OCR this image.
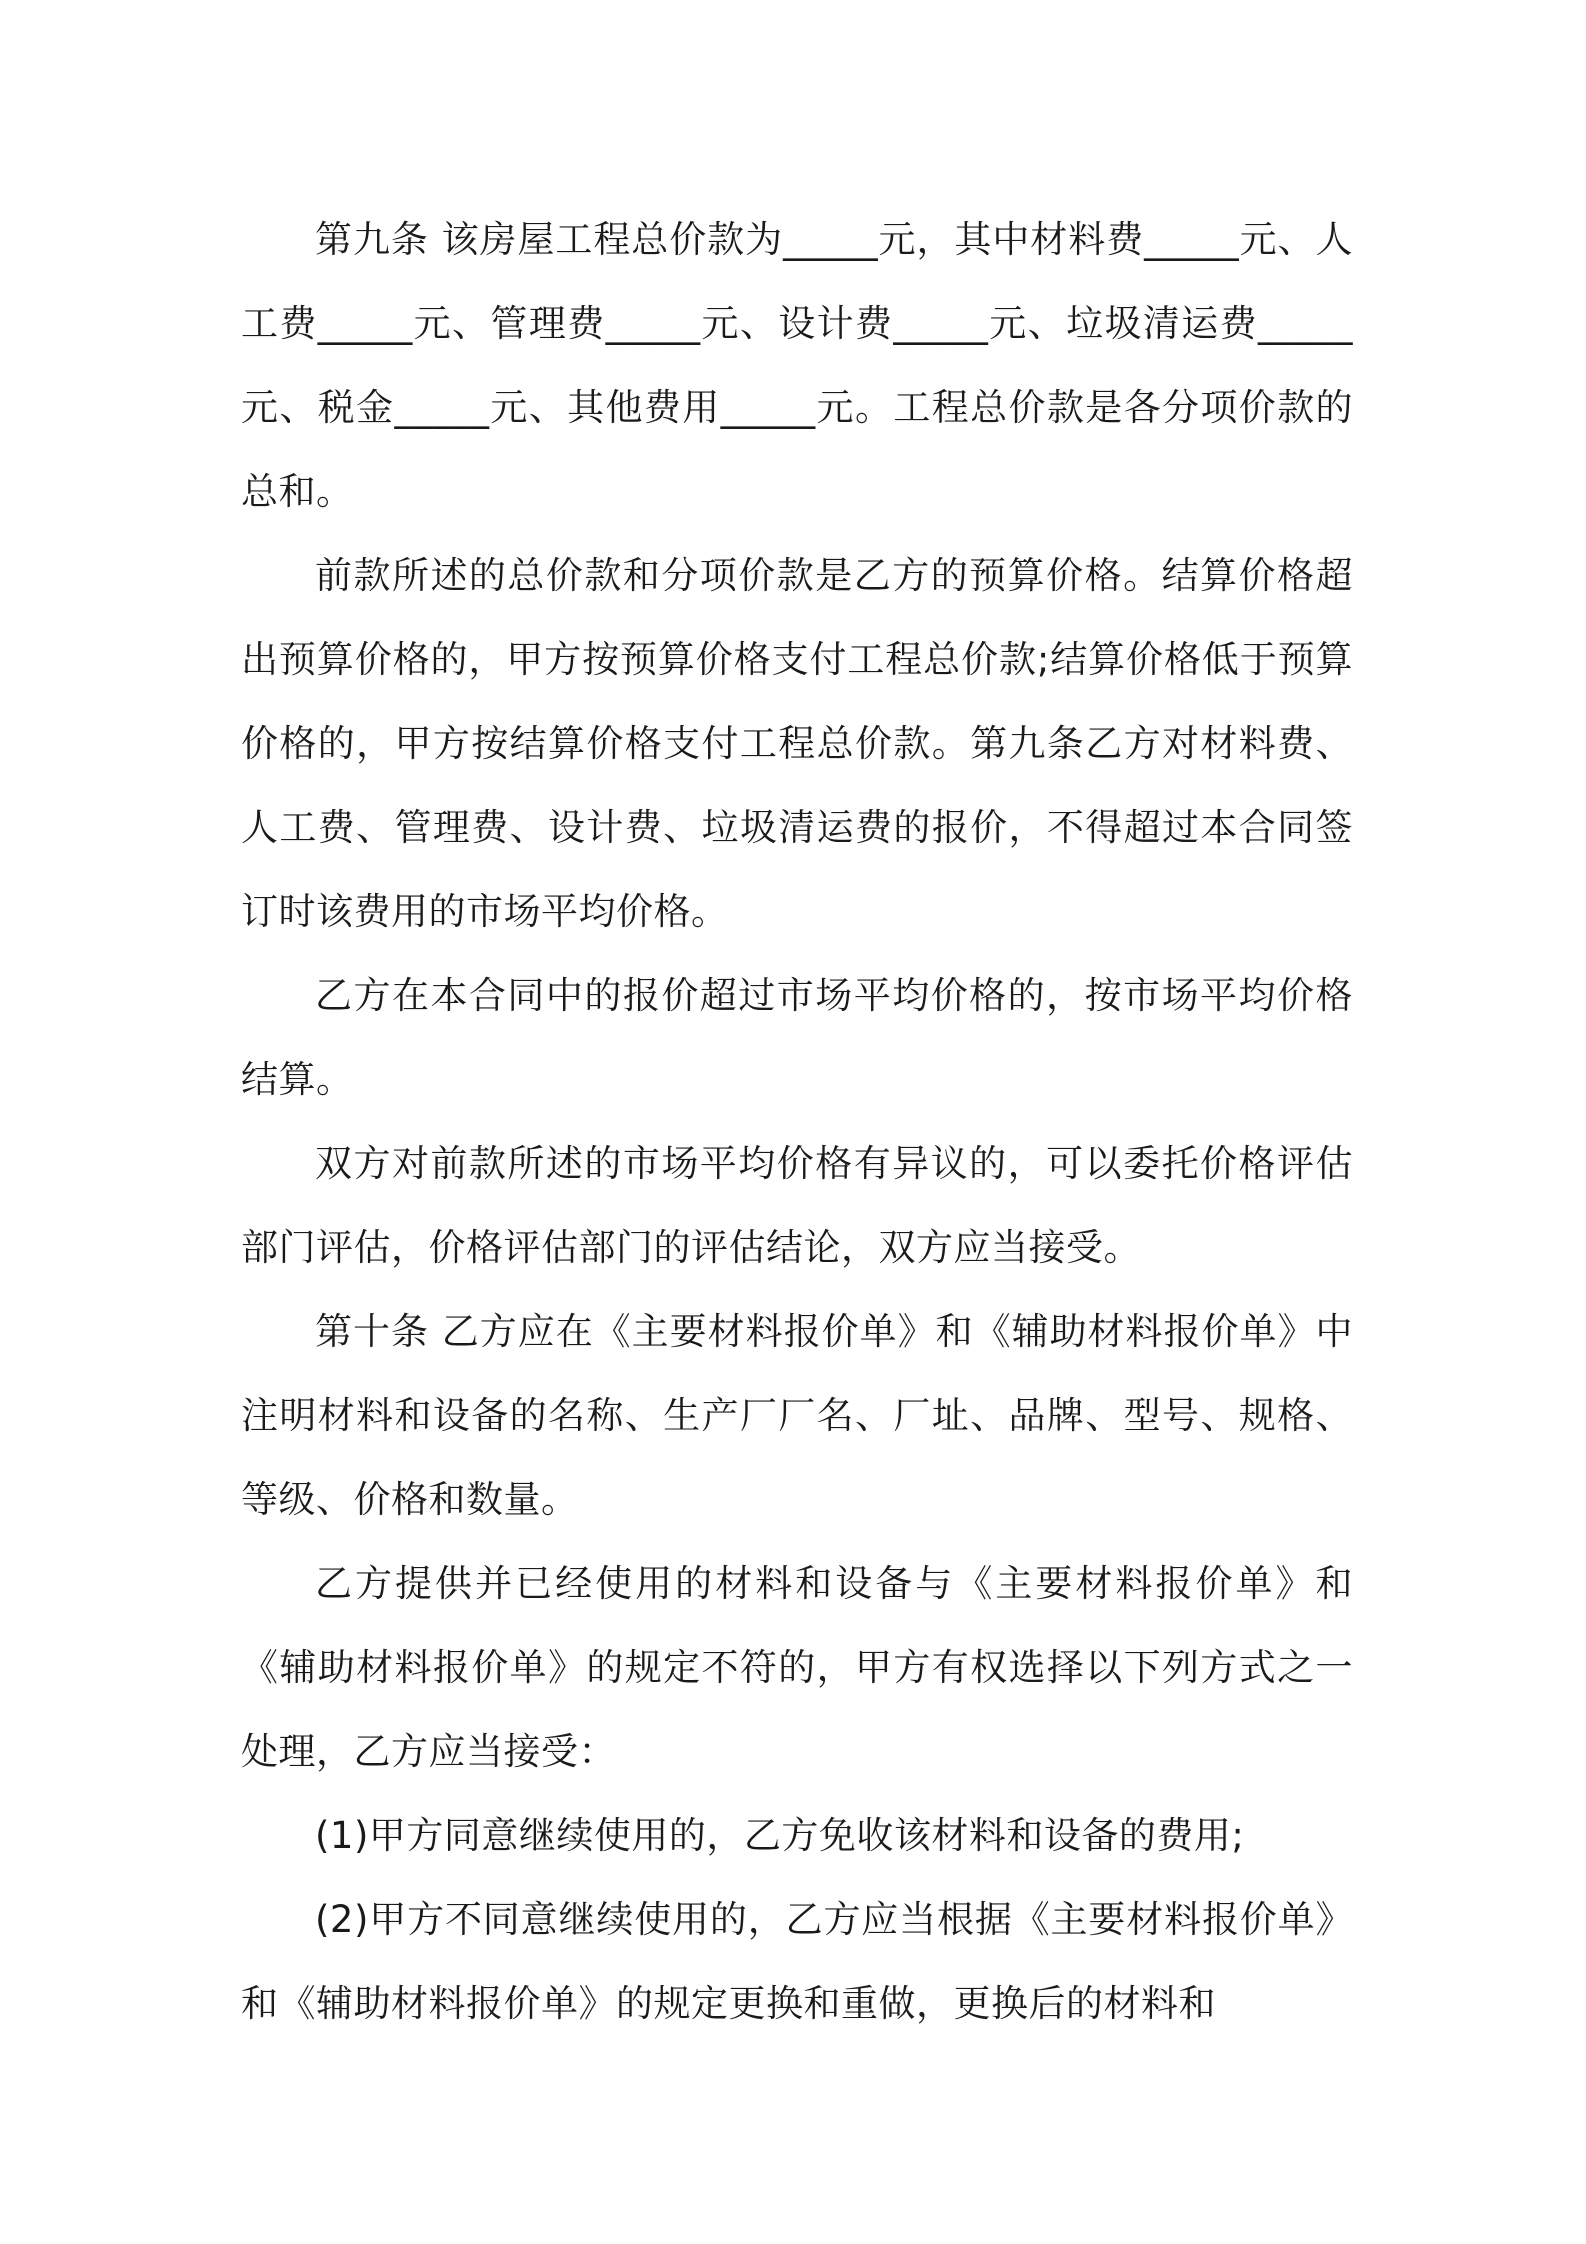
第九条 该房屋工程总价款为_____元，其中材料费_____元、人工费_____元、管理费_____元、设计费_____元、垃圾清运费_____元、税金_____元、其他费用_____元。工程总价款是各分项价款的总和。

前款所述的总价款和分项价款是乙方的预算价格。结算价格超出预算价格的，甲方按预算价格支付工程总价款;结算价格低于预算价格的，甲方按结算价格支付工程总价款。第九条乙方对材料费、人工费、管理费、设计费、垃圾清运费的报价，不得超过本合同签订时该费用的市场平均价格。

乙方在本合同中的报价超过市场平均价格的，按市场平均价格结算。

双方对前款所述的市场平均价格有异议的，可以委托价格评估部门评估，价格评估部门的评估结论，双方应当接受。

第十条 乙方应在《主要材料报价单》和《辅助材料报价单》中注明材料和设备的名称、生产厂厂名、厂址、品牌、型号、规格、等级、价格和数量。

乙方提供并已经使用的材料和设备与《主要材料报价单》和《辅助材料报价单》的规定不符的，甲方有权选择以下列方式之一处理，乙方应当接受：

(1)甲方同意继续使用的，乙方免收该材料和设备的费用;

(2)甲方不同意继续使用的，乙方应当根据《主要材料报价单》和《辅助材料报价单》的规定更换和重做，更换后的材料和
